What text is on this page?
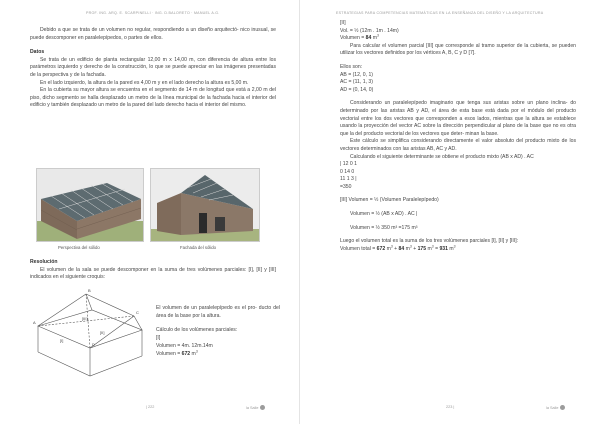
PROF. ING. ARQ. E. SCARPINELLI · ING. D.BALORETO · MANUEL A.G.

Debido a que se trata de un volumen no regular, respondiendo a un diseño arquitectó- nico inusual, se puede descomponer en paralelepípedos, o partes de ellos.

Datos

Se trata de un edificio de planta rectangular 12,00 m x 14,00 m, con diferencia de altura entre los parámetros izquierdo y derecho de la construcción, lo que se puede apreciar en las imágenes presentadas de la perspectiva y de la fachada.

En el lado izquierdo, la altura de la pared es 4,00 m y en el lado derecho la altura es 5,00 m.

En la cubierta su mayor altura se encuentra en el segmento de 14 m de longitud que está a 2,00 m del piso, dicho segmento se halla desplazado un metro de la línea municipal de la fachada hacia el interior del edificio y también desplazado un metro de la pared del lado derecho hacia el interior del mismo.

Perspectiva del sólido	Fachada del sólido

Resolución

El volumen de la sala se puede descomponer en la suma de tres volúmenes parciales: [I], [II] y [III] indicados en el siguiente croquis:

A
B
C
D
[I]
[II]
[III]

El volumen de un paralelepípedo es el pro- ducto del área de la base por la altura.

Cálculo de los volúmenes parciales:

[I]

Volumen = 4m. 12m.14m

Volumen = 672 $m^3$

| 222	la Salle
ESTRATEGIAS PARA COMPETENCIAS MATEMÁTICAS EN LA ENSEÑANZA DEL DISEÑO Y LA ARQUITECTURA

[II]

Vol. = ½ (12m . 1m . 14m)

Volumen = 84 $m^3$

Para calcular el volumen parcial [III] que corresponde al tramo superior de la cubierta, se pueden utilizar los vectores definidos por los vértices A, B, C y D [7].

Ellos son:

AB = (12, 0, 1)

AC = (11, 1, 3)

AD = (0, 14, 0)

Considerando un paralelepípedo imaginario que tenga sus aristas sobre un plano inclina- do determinado por las aristas AB y AD, el área de esta base está dada por el módulo del producto vectorial entre los dos vectores que corresponden a esos lados, mientras que la altura se establece usando la proyección del vector AC sobre la dirección perpendicular al plano de la base que no es otra que la del producto vectorial de los vectores que deter- minan la base.

Este cálculo se simplifica considerando directamente el valor absoluto del producto mixto de los vectores determinados con las aristas AB, AC y AD.

Calculando el siguiente determinante se obtiene el producto mixto (AB x AD) . AC

| 12 0 1

0 14 0

11 1 3 |

=350

[III] Volumen = ½ (Volumen Paralelepípedo)

Volumen = ½ (AB x AD) . AC |

Volumen = ½ 350 m³ =175 m³

Luego el volumen total es la suma de los tres volúmenes parciales [I], [II] y [III]:

Volumen total = 672 $m^3 + 84$ $m^3 + 175$ $m^3 = 931$ $m^3$

223 |	la Salle
